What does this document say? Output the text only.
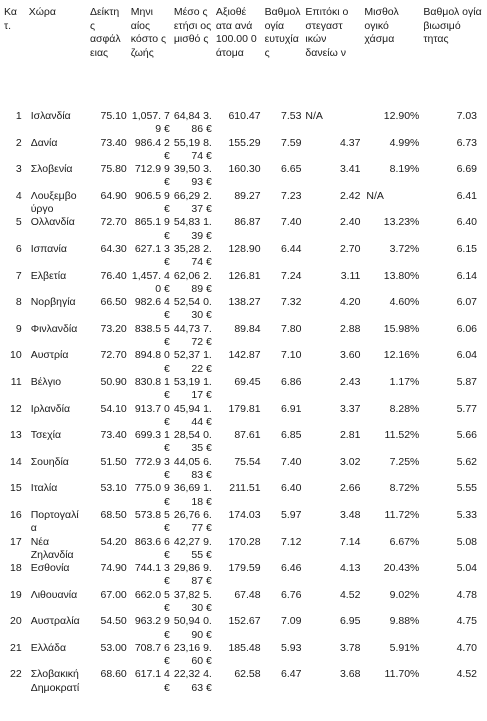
Κα τ.	Χώρα	Δείκτη ς ασφάλ ειας	Μηνι αίος κόστο ς ζωής	Μέσο ς ετήσι ος μισθό ς	Αξιοθέ ατα ανά 100.00 0 άτομα	Βαθμολ ογία ευτυχία ς	Επιτόκι ο στεγαστ ικών δανείω ν	Μισθολ ογικό χάσμα	Βαθμολ ογία βιωσιμό τητας
1	Ισλανδία	75.10	1,057. 79 €	64,84 3.86 €	610.47	7.53	N/A	12.90%	7.03
2	Δανία	73.40	986.4 2 €	55,19 8.74 €	155.29	7.59	4.37	4.99%	6.73
3	Σλοβενία	75.80	712.9 9 €	39,50 3.93 €	160.30	6.65	3.41	8.19%	6.69
4	Λουξεμβο ύργο	64.90	906.5 9 €	66,29 2.37 €	89.27	7.23	2.42	N/A	6.41
5	Ολλανδία	72.70	865.1 9 €	54,83 1.39 €	86.87	7.40	2.40	13.23%	6.40
6	Ισπανία	64.30	627.1 3 €	35,28 2.74 €	128.90	6.44	2.70	3.72%	6.15
7	Ελβετία	76.40	1,457. 40 €	62,06 2.89 €	126.81	7.24	3.11	13.80%	6.14
8	Νορβηγία	66.50	982.6 4 €	52,54 0.30 €	138.27	7.32	4.20	4.60%	6.07
9	Φινλανδία	73.20	838.5 5 €	44,73 7.72 €	89.84	7.80	2.88	15.98%	6.06
10	Αυστρία	72.70	894.8 0 €	52,37 1.22 €	142.87	7.10	3.60	12.16%	6.04
11	Βέλγιο	50.90	830.8 1 €	53,19 1.17 €	69.45	6.86	2.43	1.17%	5.87
12	Ιρλανδία	54.10	913.7 0 €	45,94 1.44 €	179.81	6.91	3.37	8.28%	5.77
13	Τσεχία	73.40	699.3 1 €	28,54 0.35 €	87.61	6.85	2.81	11.52%	5.66
14	Σουηδία	51.50	772.9 3 €	44,05 6.83 €	75.54	7.40	3.02	7.25%	5.62
15	Ιταλία	53.10	775.0 9 €	36,69 1.18 €	211.51	6.40	2.66	8.72%	5.55
16	Πορτογαλί α	68.50	573.8 5 €	26,76 6.77 €	174.03	5.97	3.48	11.72%	5.33
17	Νέα Ζηλανδία	54.20	863.6 6 €	42,27 9.55 €	170.28	7.12	7.14	6.67%	5.08
18	Εσθονία	74.90	744.1 3 €	29,86 9.87 €	179.59	6.46	4.13	20.43%	5.04
19	Λιθουανία	67.00	662.0 5 €	37,82 5.30 €	67.48	6.76	4.52	9.02%	4.78
20	Αυστραλία	54.50	963.2 9 €	50,94 0.90 €	152.67	7.09	6.95	9.88%	4.75
21	Ελλάδα	53.00	708.7 6 €	23,16 9.60 €	185.48	5.93	3.78	5.91%	4.70
22	Σλοβακική Δημοκρατί	68.60	617.1 4 €	22,32 4.63 €	62.58	6.47	3.68	11.70%	4.52
